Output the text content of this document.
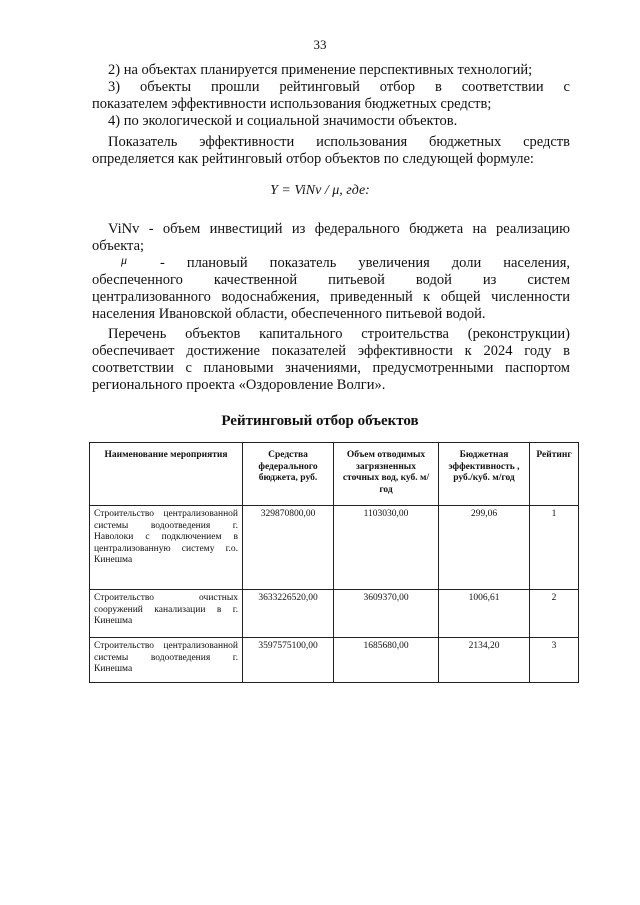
33
2) на объектах планируется применение перспективных технологий;
3) объекты прошли рейтинговый отбор в соответствии с
показателем эффективности использования бюджетных средств;
4) по экологической и социальной значимости объектов.
Показатель эффективности использования бюджетных средств
определяется как рейтинговый отбор объектов по следующей формуле:
Y = ViNv / μ, где:
ViNv - объем инвестиций из федерального бюджета на реализацию
объекта;
μ - плановый показатель увеличения доли населения,
обеспеченного качественной питьевой водой из систем
централизованного водоснабжения, приведенный к общей численности
населения Ивановской области, обеспеченного питьевой водой.
Перечень объектов капитального строительства (реконструкции)
обеспечивает достижение показателей эффективности к 2024 году в
соответствии с плановыми значениями, предусмотренными паспортом
регионального проекта «Оздоровление Волги».
Рейтинговый отбор объектов
Наименование мероприятия	Средства федерального бюджета, руб.	Объем отводимых загрязненных сточных вод, куб. м/год	Бюджетная эффективность , руб./куб. м/год	Рейтинг
Строительство централизованной системы водоотведения г. Наволоки с подключением в централизованную систему г.о. Кинешма	329870800,00	1103030,00	299,06	1
Строительство очистных сооружений канализации в г. Кинешма	3633226520,00	3609370,00	1006,61	2
Строительство централизованной системы водоотведения г. Кинешма	3597575100,00	1685680,00	2134,20	3
